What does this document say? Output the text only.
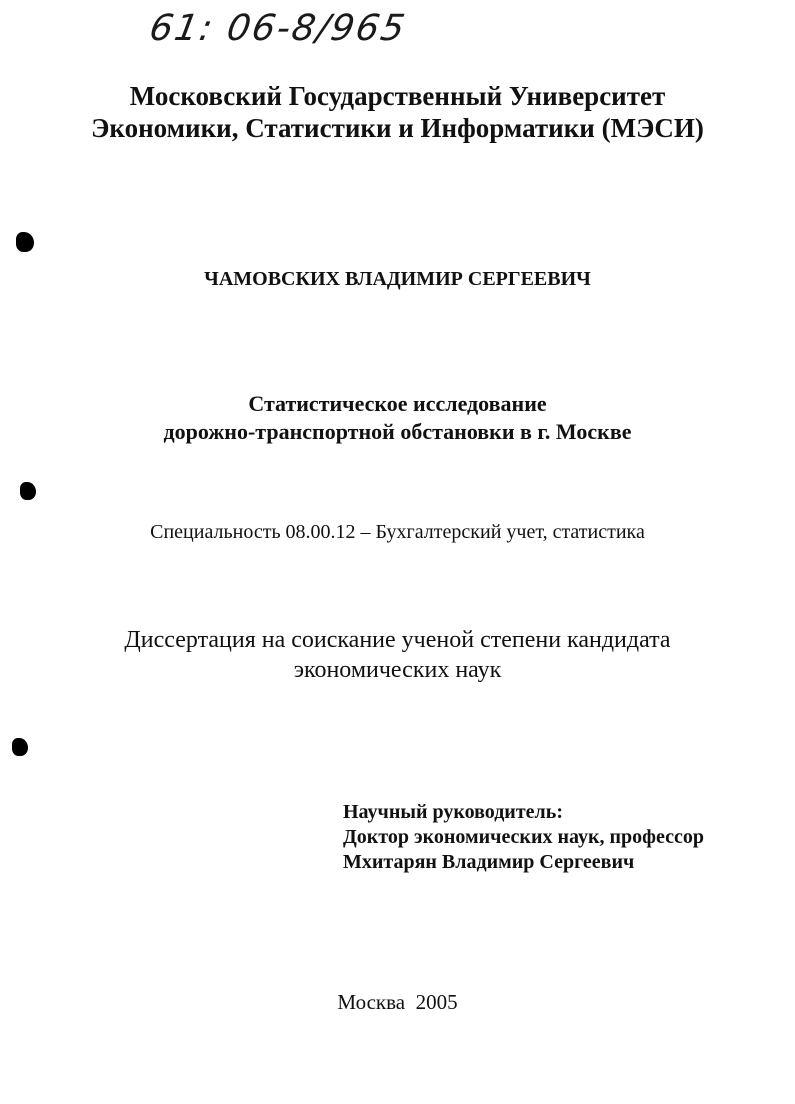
61: 06-8/965
Московский Государственный Университет
Экономики, Статистики и Информатики (МЭСИ)
ЧАМОВСКИХ ВЛАДИМИР СЕРГЕЕВИЧ
Статистическое исследование
дорожно-транспортной обстановки в г. Москве
Специальность 08.00.12 – Бухгалтерский учет, статистика
Диссертация на соискание ученой степени кандидата
экономических наук
Научный руководитель:
Доктор экономических наук, профессор
Мхитарян Владимир Сергеевич
Москва  2005
